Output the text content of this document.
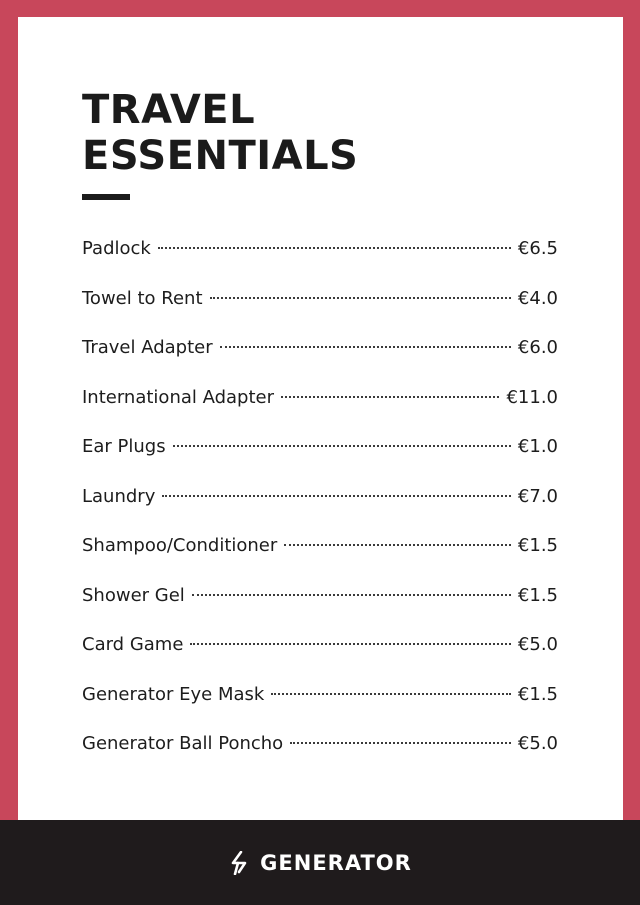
TRAVEL
ESSENTIALS
Padlock	€6.5
Towel to Rent	€4.0
Travel Adapter	€6.0
International Adapter	€11.0
Ear Plugs	€1.0
Laundry	€7.0
Shampoo/Conditioner	€1.5
Shower Gel	€1.5
Card Game	€5.0
Generator Eye Mask	€1.5
Generator Ball Poncho	€5.0
GENERATOR
